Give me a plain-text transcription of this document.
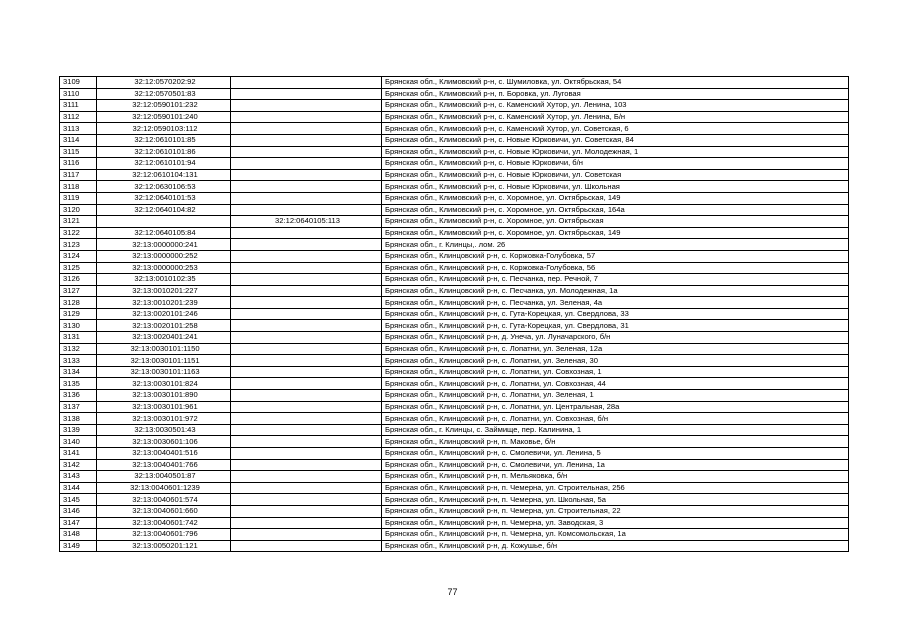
3109	32:12:0570202:92		Брянская обл., Климовский р-н, с. Шумиловка, ул. Октябрьская, 54
3110	32:12:0570501:83		Брянская обл., Климовский р-н, п. Боровка, ул. Луговая
3111	32:12:0590101:232		Брянская обл., Климовский р-н, с. Каменский Хутор, ул. Ленина, 103
3112	32:12:0590101:240		Брянская обл., Климовский р-н, с. Каменский Хутор, ул. Ленина, Б/н
3113	32:12:0590103:112		Брянская обл., Климовский р-н, с. Каменский Хутор, ул. Советская, 6
3114	32:12:0610101:85		Брянская обл., Климовский р-н, с. Новые Юрковичи, ул. Советская, 84
3115	32:12:0610101:86		Брянская обл., Климовский р-н, с. Новые Юрковичи, ул. Молодежная, 1
3116	32:12:0610101:94		Брянская обл., Климовский р-н, с. Новые Юрковичи, б/н
3117	32:12:0610104:131		Брянская обл., Климовский р-н, с. Новые Юрковичи, ул. Советская
3118	32:12:0630106:53		Брянская обл., Климовский р-н, с. Новые Юрковичи, ул. Школьная
3119	32:12:0640101:53		Брянская обл., Климовский р-н, с. Хоромное, ул. Октябрьская, 149
3120	32:12:0640104:82		Брянская обл., Климовский р-н, с. Хоромное, ул. Октябрьская, 164а
3121		32:12:0640105:113	Брянская обл., Климовский р-н, с. Хоромное, ул. Октябрьская
3122	32:12:0640105:84		Брянская обл., Климовский р-н, с. Хоромное, ул. Октябрьская, 149
3123	32:13:0000000:241		Брянская обл., г. Клинцы,. лом. 26
3124	32:13:0000000:252		Брянская обл., Клинцовский р-н, с. Коржовка-Голубовка, 57
3125	32:13:0000000:253		Брянская обл., Клинцовский р-н, с. Коржовка-Голубовка, 56
3126	32:13:0010102:35		Брянская обл., Клинцовский р-н, с. Песчанка, пер. Речной, 7
3127	32:13:0010201:227		Брянская обл., Клинцовский р-н, с. Песчанка, ул. Молодежная, 1а
3128	32:13:0010201:239		Брянская обл., Клинцовский р-н, с. Песчанка, ул. Зеленая, 4а
3129	32:13:0020101:246		Брянская обл., Клинцовский р-н, с. Гута-Корецкая, ул. Свердлова, 33
3130	32:13:0020101:258		Брянская обл., Клинцовский р-н, с. Гута-Корецкая, ул. Свердлова, 31
3131	32:13:0020401:241		Брянская обл., Клинцовский р-н, д. Унеча, ул. Луначарского, б/н
3132	32:13:0030101:1150		Брянская обл., Клинцовский р-н, с. Лопатни, ул. Зеленая, 12а
3133	32:13:0030101:1151		Брянская обл., Клинцовский р-н, с. Лопатни, ул. Зеленая, 30
3134	32:13:0030101:1163		Брянская обл., Клинцовский р-н, с. Лопатни, ул. Совхозная, 1
3135	32:13:0030101:824		Брянская обл., Клинцовский р-н, с. Лопатни, ул. Совхозная, 44
3136	32:13:0030101:890		Брянская обл., Клинцовский р-н, с. Лопатни, ул. Зеленая, 1
3137	32:13:0030101:961		Брянская обл., Клинцовский р-н, с. Лопатни, ул. Центральная, 28а
3138	32:13:0030101:972		Брянская обл., Клинцовский р-н, с. Лопатни, ул. Совхозная, б/н
3139	32:13:0030501:43		Брянская обл., г. Клинцы, с. Займище, пер. Калинина, 1
3140	32:13:0030601:106		Брянская обл., Клинцовский р-н, п. Маковье, б/н
3141	32:13:0040401:516		Брянская обл., Клинцовский р-н, с. Смолевичи, ул. Ленина, 5
3142	32:13:0040401:766		Брянская обл., Клинцовский р-н, с. Смолевичи, ул. Ленина, 1а
3143	32:13:0040501:87		Брянская обл., Клинцовский р-н, п. Мельяковка, б/н
3144	32:13:0040601:1239		Брянская обл., Клинцовский р-н, п. Чемерна, ул. Строительная, 256
3145	32:13:0040601:574		Брянская обл., Клинцовский р-н, п. Чемерна, ул. Школьная, 5а
3146	32:13:0040601:660		Брянская обл., Клинцовский р-н, п. Чемерна, ул. Строительная, 22
3147	32:13:0040601:742		Брянская обл., Клинцовский р-н, п. Чемерна, ул. Заводская, 3
3148	32:13:0040601:796		Брянская обл., Клинцовский р-н, п. Чемерна, ул. Комсомольская, 1а
3149	32:13:0050201:121		Брянская обл., Клинцовский р-н, д. Кожушье, б/н
77
